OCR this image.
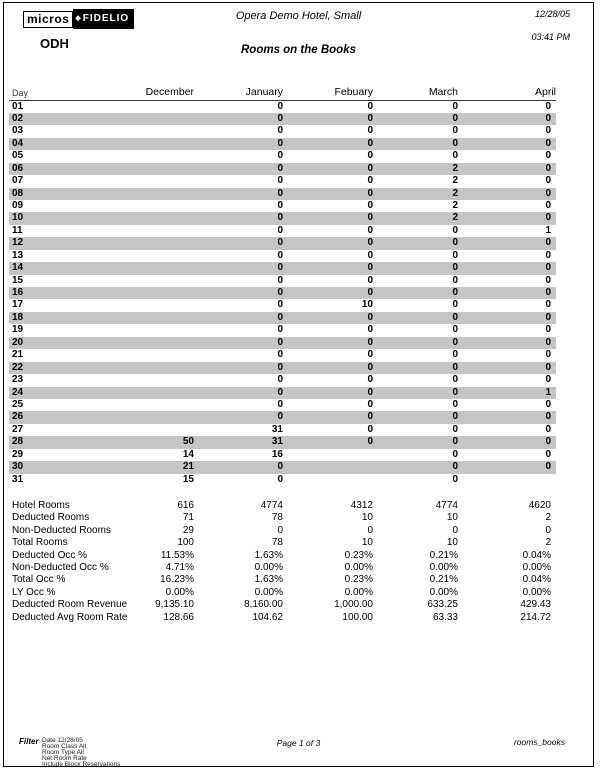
micros ◆ FIDELIO
ODH
Opera Demo Hotel, Small
Rooms on the Books
12/28/05
03:41 PM
Day	December	January	Febuary	March	April
01		0	0	0	0
02		0	0	0	0
03		0	0	0	0
04		0	0	0	0
05		0	0	0	0
06		0	0	2	0
07		0	0	2	0
08		0	0	2	0
09		0	0	2	0
10		0	0	2	0
11		0	0	0	1
12		0	0	0	0
13		0	0	0	0
14		0	0	0	0
15		0	0	0	0
16		0	0	0	0
17		0	10	0	0
18		0	0	0	0
19		0	0	0	0
20		0	0	0	0
21		0	0	0	0
22		0	0	0	0
23		0	0	0	0
24		0	0	0	1
25		0	0	0	0
26		0	0	0	0
27		31	0	0	0
28	50	31	0	0	0
29	14	16		0	0
30	21	0		0	0
31	15	0		0	
Hotel Rooms	616	4774	4312	4774	4620
Deducted Rooms	71	78	10	10	2
Non-Deducted Rooms	29	0	0	0	0
Total Rooms	100	78	10	10	2
Deducted Occ %	11.53%	1.63%	0.23%	0.21%	0.04%
Non-Deducted Occ %	4.71%	0.00%	0.00%	0.00%	0.00%
Total Occ %	16.23%	1.63%	0.23%	0.21%	0.04%
LY Occ %	0.00%	0.00%	0.00%	0.00%	0.00%
Deducted Room Revenue	9,135.10	8,160.00	1,000.00	633.25	429.43
Deducted Avg Room Rate	128.66	104.62	100.00	63.33	214.72
Filter Date 12/28/05
Room Class All
Room Type All
Net Room Rate
Include Block Reservations
Page 1 of 3	rooms_books
